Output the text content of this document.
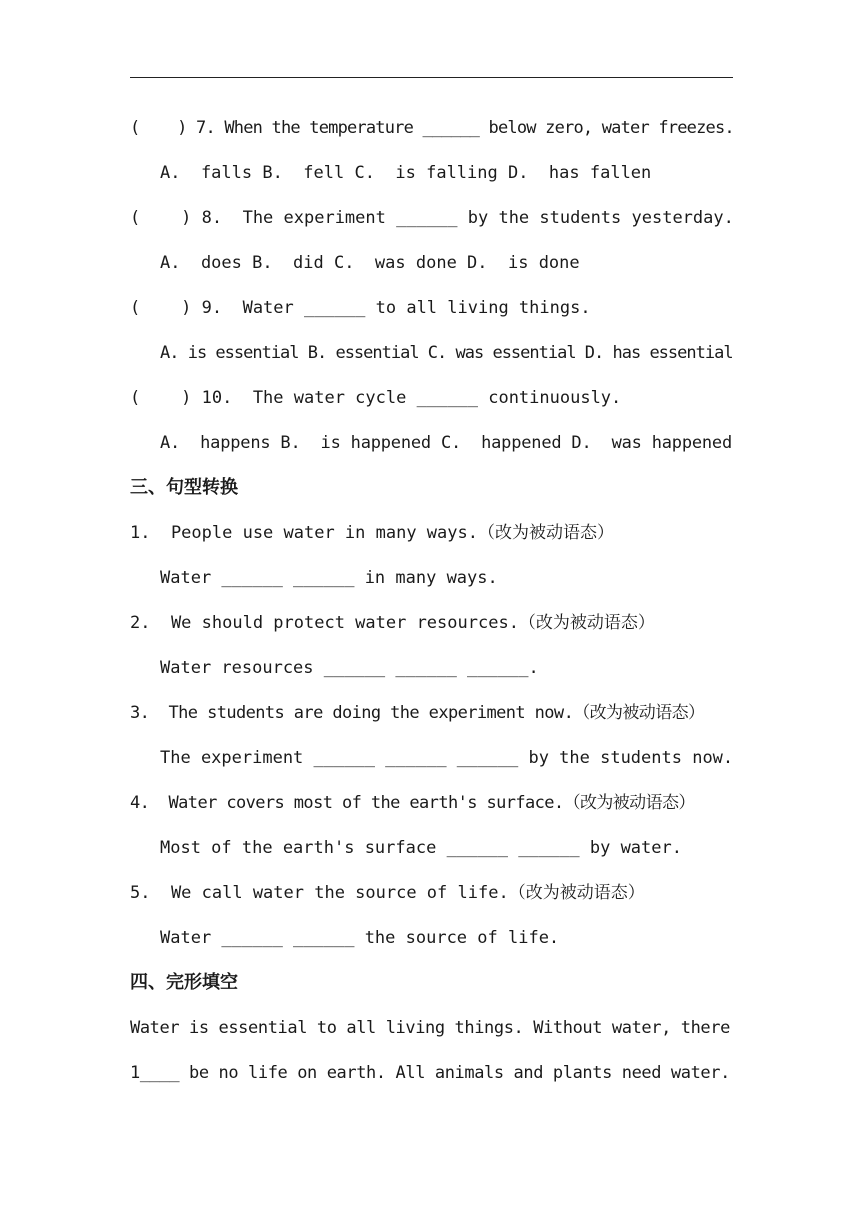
(    ) 7. When the temperature ______ below zero, water freezes.
A.  falls B.  fell C.  is falling D.  has fallen
(    ) 8.  The experiment ______ by the students yesterday.
A.  does B.  did C.  was done D.  is done
(    ) 9.  Water ______ to all living things.
A. is essential B. essential C. was essential D. has essential
(    ) 10.  The water cycle ______ continuously.
A.  happens B.  is happened C.  happened D.  was happened
三、句型转换
1.  People use water in many ways.（改为被动语态）
Water ______ ______ in many ways.
2.  We should protect water resources.（改为被动语态）
Water resources ______ ______ ______.
3.  The students are doing the experiment now.（改为被动语态）
The experiment ______ ______ ______ by the students now.
4.  Water covers most of the earth's surface.（改为被动语态）
Most of the earth's surface ______ ______ by water.
5.  We call water the source of life.（改为被动语态）
Water ______ ______ the source of life.
四、完形填空
Water is essential to all living things. Without water, there
1____ be no life on earth. All animals and plants need water.
